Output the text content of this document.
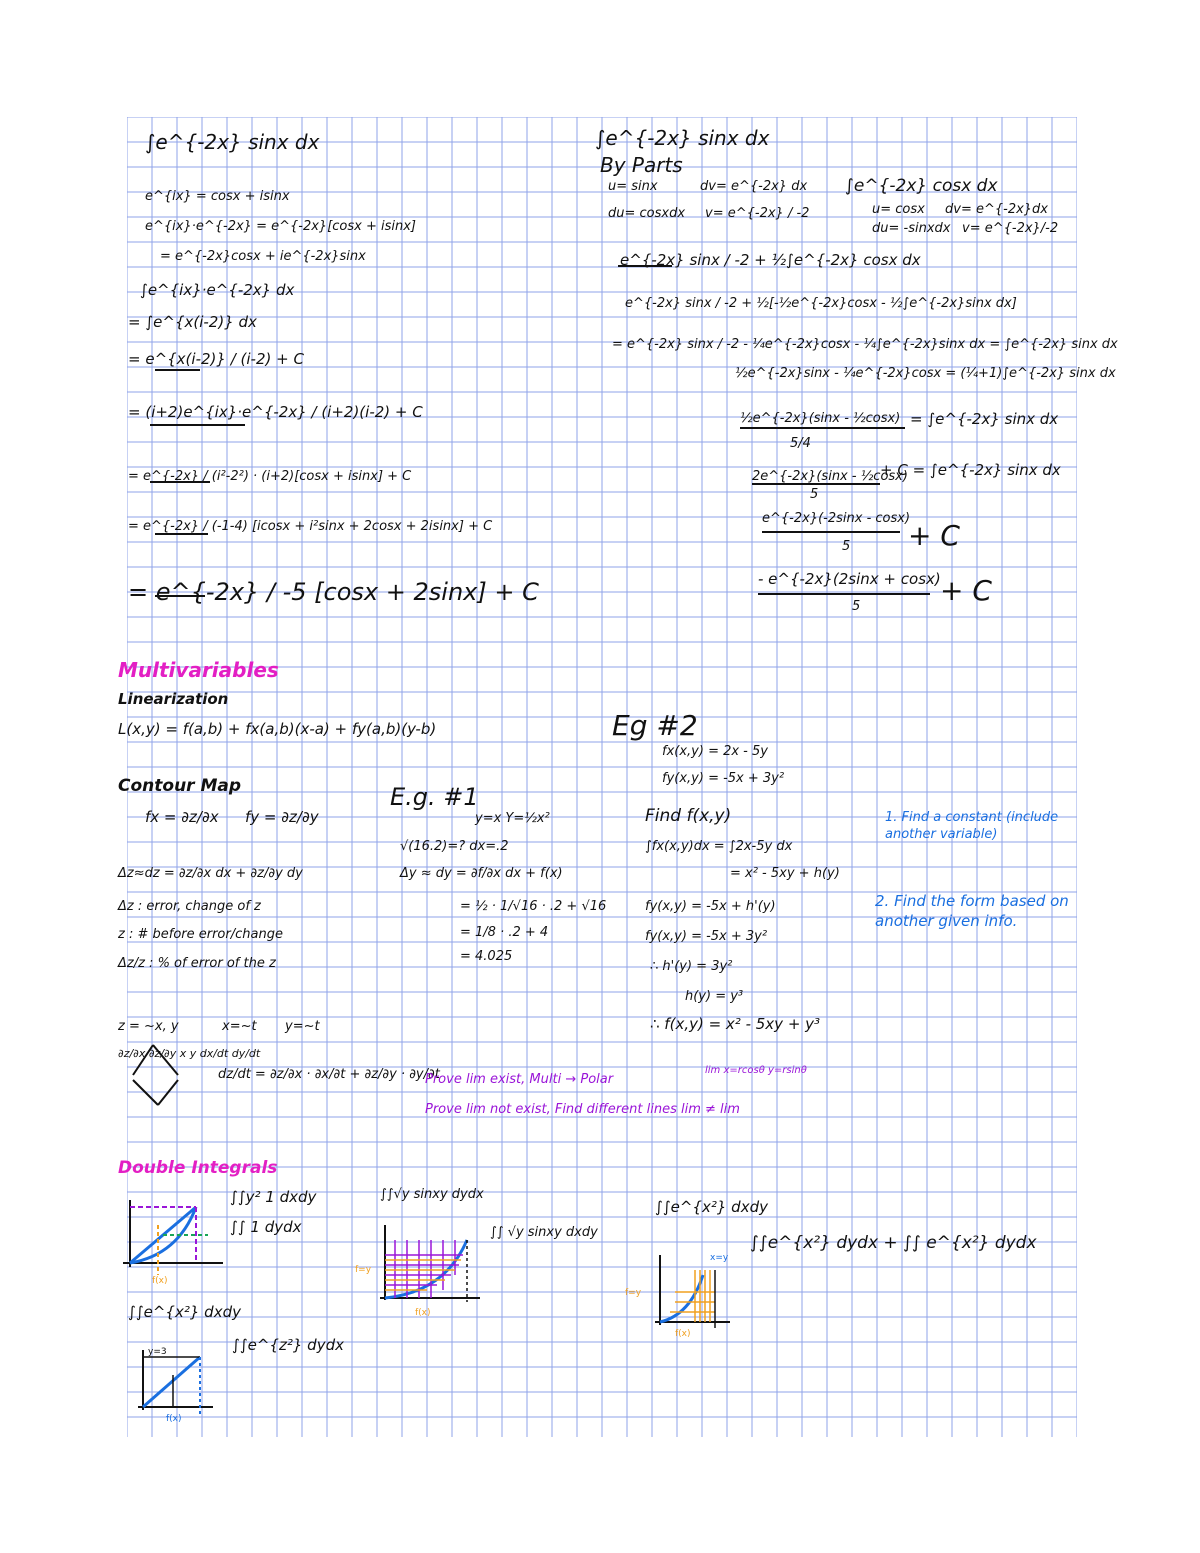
∫e^{-2x} sinx dx
e^{ix} = cosx + isinx
e^{ix}·e^{-2x} = e^{-2x}[cosx + isinx]
= e^{-2x}cosx + ie^{-2x}sinx
∫e^{ix}·e^{-2x} dx
= ∫e^{x(i-2)} dx
= e^{x(i-2)} / (i-2) + C
= (i+2)e^{ix}·e^{-2x} / (i+2)(i-2) + C
= e^{-2x} / (i²-2²) · (i+2)[cosx + isinx] + C
= e^{-2x} / (-1-4) [icosx + i²sinx + 2cosx + 2isinx] + C
= e^{-2x} / -5 [cosx + 2sinx] + C
∫e^{-2x} sinx dx
By Parts
u= sinx	dv= e^{-2x} dx
du= cosxdx v= e^{-2x} / -2
∫e^{-2x} cosx dx
u= cosx dv= e^{-2x}dx
du= -sinxdx v= e^{-2x}/-2
e^{-2x} sinx / -2 + ½∫e^{-2x} cosx dx
e^{-2x} sinx / -2 + ½[-½e^{-2x}cosx - ½∫e^{-2x}sinx dx]
= e^{-2x} sinx / -2 - ¼e^{-2x}cosx - ¼∫e^{-2x}sinx dx = ∫e^{-2x} sinx dx
½e^{-2x}sinx - ¼e^{-2x}cosx = (¼+1)∫e^{-2x} sinx dx
½e^{-2x}(sinx - ½cosx)
5/4
= ∫e^{-2x} sinx dx
2e^{-2x}(sinx - ½cosx)
5
+ C = ∫e^{-2x} sinx dx
e^{-2x}(-2sinx - cosx)
5 + C
- e^{-2x}(2sinx + cosx)
5	+ C
Multivariables
Linearization
L(x,y) = f(a,b) + fx(a,b)(x-a) + fy(a,b)(y-b)
Contour Map
fx = ∂z/∂x fy = ∂z/∂y
Δz≈dz = ∂z/∂x dx + ∂z/∂y dy
Δz : error, change of z
z : # before error/change
Δz/z : % of error of the z
E.g. #1
y=x Y=½x²
√(16.2)=? dx=.2
Δy ≈ dy = ∂f/∂x dx + f(x)
= ½ · 1/√16 · .2 + √16
= 1/8 · .2 + 4
= 4.025
z = ~x, y	x=~t y=~t
∂z/∂x ∂z/∂y x y dx/dt dy/dt
dz/dt = ∂z/∂x · ∂x/∂t + ∂z/∂y · ∂y/∂t
Eg #2
fx(x,y) = 2x - 5y
fy(x,y) = -5x + 3y²
Find f(x,y)
∫fx(x,y)dx = ∫2x-5y dx
= x² - 5xy + h(y)
fy(x,y) = -5x + h'(y)
fy(x,y) = -5x + 3y²
∴ h'(y) = 3y²
h(y) = y³
∴ f(x,y) = x² - 5xy + y³
1. Find a constant (include another variable)
2. Find the form based on another given info.
Prove lim exist, Multi → Polar
lim x=rcosθ y=rsinθ
Prove lim not exist, Find different lines lim ≠ lim
Double Integrals
∫∫y² 1 dxdy
∫∫ 1 dydx
∫∫√y sinxy dydx
∫∫ √y sinxy dxdy
∫∫e^{x²} dxdy
∫∫e^{x²} dydx + ∫∫ e^{x²} dydx
∫∫e^{x²} dxdy
∫∫e^{z²} dydx
f(x)
f(x)
f=y
f=y
f(x)
x=y
y=3
f(x)
